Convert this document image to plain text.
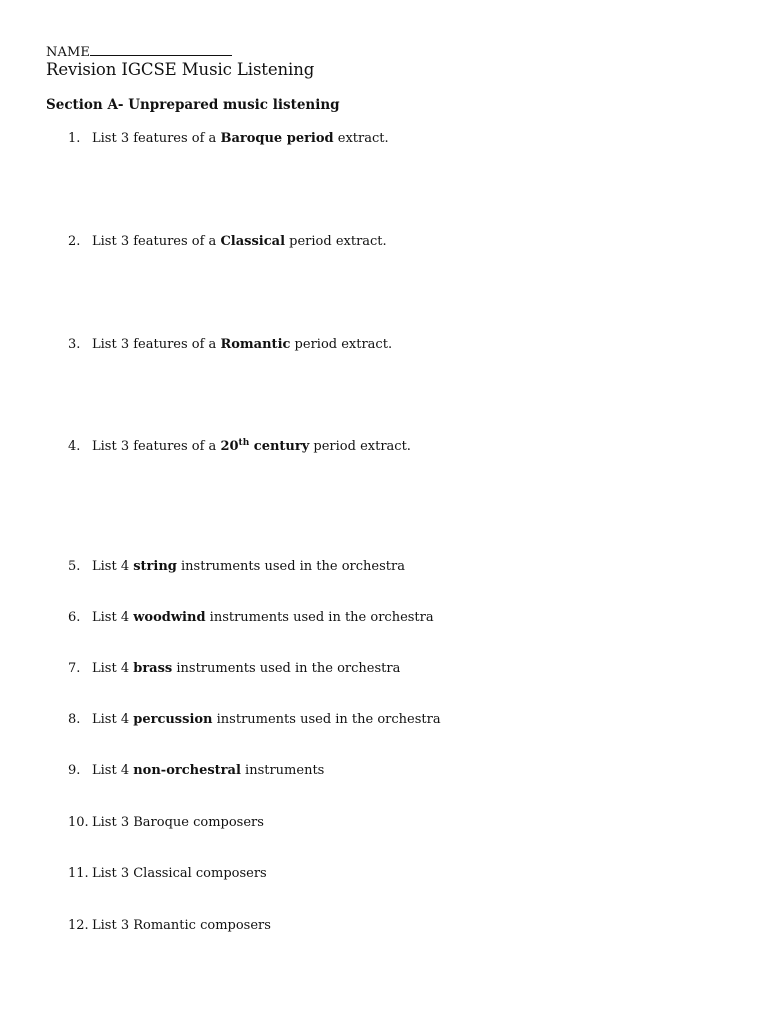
NAME
Revision IGCSE Music Listening
Section A- Unprepared music listening
1. List 3 features of a Baroque period extract.
2. List 3 features of a Classical period extract.
3. List 3 features of a Romantic period extract.
4. List 3 features of a 20th century period extract.
5. List 4 string instruments used in the orchestra
6. List 4 woodwind instruments used in the orchestra
7. List 4 brass instruments used in the orchestra
8. List 4 percussion instruments used in the orchestra
9. List 4 non-orchestral instruments
10. List 3 Baroque composers
11. List 3 Classical composers
12. List 3 Romantic composers
